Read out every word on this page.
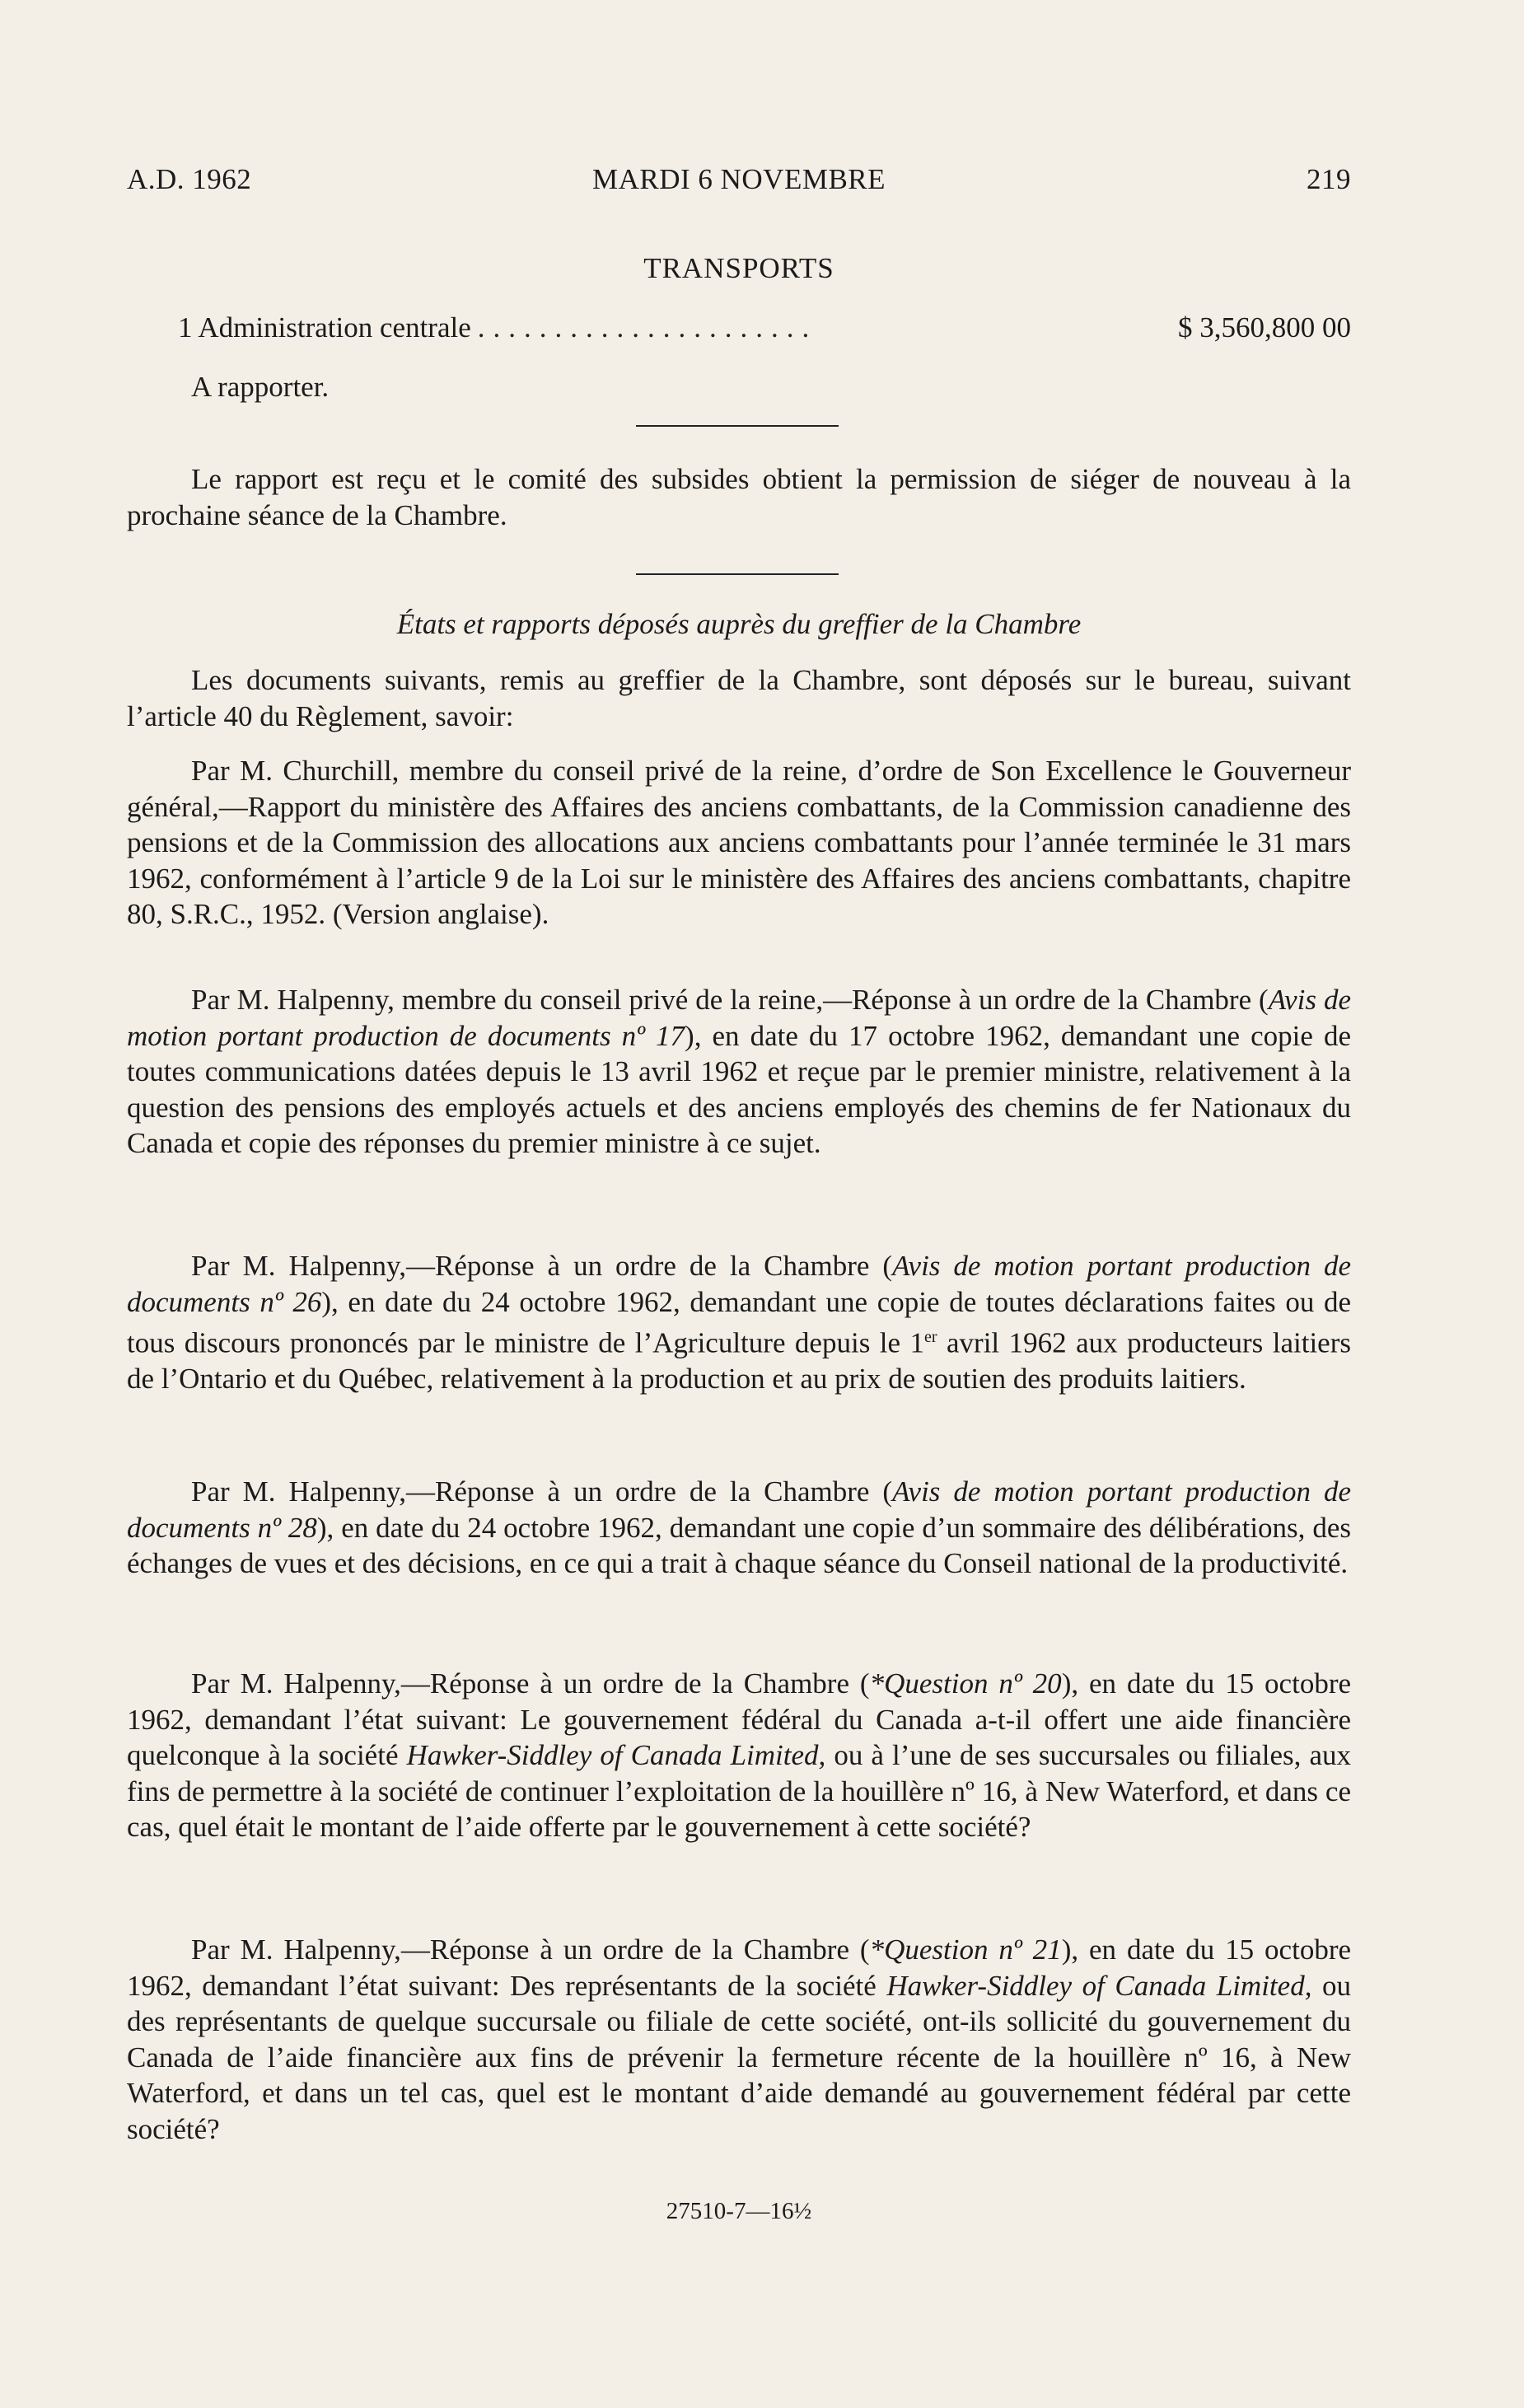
A.D. 1962	MARDI 6 NOVEMBRE	219
TRANSPORTS
1 Administration centrale ......................	$ 3,560,800 00
A rapporter.

Le rapport est reçu et le comité des subsides obtient la permission de siéger de nouveau à la prochaine séance de la Chambre.

États et rapports déposés auprès du greffier de la Chambre

Les documents suivants, remis au greffier de la Chambre, sont déposés sur le bureau, suivant l’article 40 du Règlement, savoir:

Par M. Churchill, membre du conseil privé de la reine, d’ordre de Son Excellence le Gouverneur général,—Rapport du ministère des Affaires des anciens combattants, de la Commission canadienne des pensions et de la Commission des allocations aux anciens combattants pour l’année terminée le 31 mars 1962, conformément à l’article 9 de la Loi sur le ministère des Affaires des anciens combattants, chapitre 80, S.R.C., 1952. (Version anglaise).

Par M. Halpenny, membre du conseil privé de la reine,—Réponse à un ordre de la Chambre (Avis de motion portant production de documents nº 17), en date du 17 octobre 1962, demandant une copie de toutes communications datées depuis le 13 avril 1962 et reçue par le premier ministre, relativement à la question des pensions des employés actuels et des anciens employés des chemins de fer Nationaux du Canada et copie des réponses du premier ministre à ce sujet.

Par M. Halpenny,—Réponse à un ordre de la Chambre (Avis de motion portant production de documents nº 26), en date du 24 octobre 1962, demandant une copie de toutes déclarations faites ou de tous discours prononcés par le ministre de l’Agriculture depuis le 1er avril 1962 aux producteurs laitiers de l’Ontario et du Québec, relativement à la production et au prix de soutien des produits laitiers.

Par M. Halpenny,—Réponse à un ordre de la Chambre (Avis de motion portant production de documents nº 28), en date du 24 octobre 1962, demandant une copie d’un sommaire des délibérations, des échanges de vues et des décisions, en ce qui a trait à chaque séance du Conseil national de la productivité.

Par M. Halpenny,—Réponse à un ordre de la Chambre (*Question nº 20), en date du 15 octobre 1962, demandant l’état suivant: Le gouvernement fédéral du Canada a-t-il offert une aide financière quelconque à la société Hawker-Siddley of Canada Limited, ou à l’une de ses succursales ou filiales, aux fins de permettre à la société de continuer l’exploitation de la houillère nº 16, à New Waterford, et dans ce cas, quel était le montant de l’aide offerte par le gouvernement à cette société?

Par M. Halpenny,—Réponse à un ordre de la Chambre (*Question nº 21), en date du 15 octobre 1962, demandant l’état suivant: Des représentants de la société Hawker-Siddley of Canada Limited, ou des représentants de quelque succursale ou filiale de cette société, ont-ils sollicité du gouvernement du Canada de l’aide financière aux fins de prévenir la fermeture récente de la houillère nº 16, à New Waterford, et dans un tel cas, quel est le montant d’aide demandé au gouvernement fédéral par cette société?

27510-7—16½
